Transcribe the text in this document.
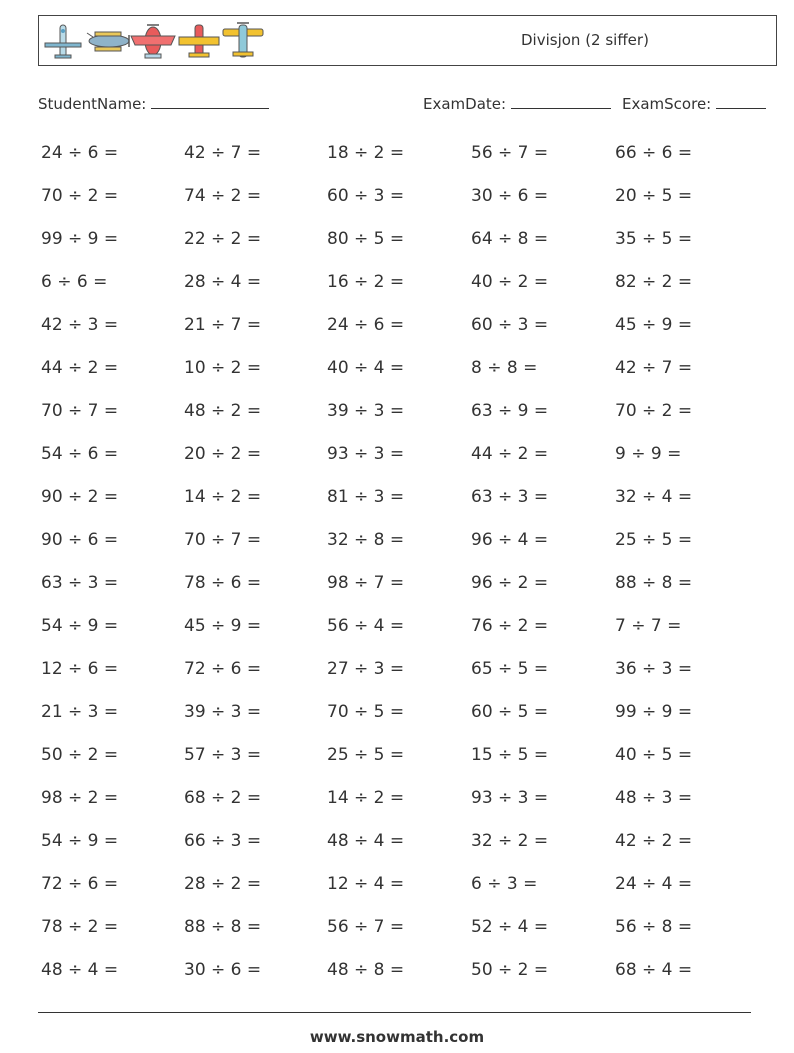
Divisjon (2 siffer)
StudentName:	ExamDate:	ExamScore:
24 ÷ 6 =	42 ÷ 7 =	18 ÷ 2 =	56 ÷ 7 =	66 ÷ 6 =
70 ÷ 2 =	74 ÷ 2 =	60 ÷ 3 =	30 ÷ 6 =	20 ÷ 5 =
99 ÷ 9 =	22 ÷ 2 =	80 ÷ 5 =	64 ÷ 8 =	35 ÷ 5 =
6 ÷ 6 =	28 ÷ 4 =	16 ÷ 2 =	40 ÷ 2 =	82 ÷ 2 =
42 ÷ 3 =	21 ÷ 7 =	24 ÷ 6 =	60 ÷ 3 =	45 ÷ 9 =
44 ÷ 2 =	10 ÷ 2 =	40 ÷ 4 =	8 ÷ 8 =	42 ÷ 7 =
70 ÷ 7 =	48 ÷ 2 =	39 ÷ 3 =	63 ÷ 9 =	70 ÷ 2 =
54 ÷ 6 =	20 ÷ 2 =	93 ÷ 3 =	44 ÷ 2 =	9 ÷ 9 =
90 ÷ 2 =	14 ÷ 2 =	81 ÷ 3 =	63 ÷ 3 =	32 ÷ 4 =
90 ÷ 6 =	70 ÷ 7 =	32 ÷ 8 =	96 ÷ 4 =	25 ÷ 5 =
63 ÷ 3 =	78 ÷ 6 =	98 ÷ 7 =	96 ÷ 2 =	88 ÷ 8 =
54 ÷ 9 =	45 ÷ 9 =	56 ÷ 4 =	76 ÷ 2 =	7 ÷ 7 =
12 ÷ 6 =	72 ÷ 6 =	27 ÷ 3 =	65 ÷ 5 =	36 ÷ 3 =
21 ÷ 3 =	39 ÷ 3 =	70 ÷ 5 =	60 ÷ 5 =	99 ÷ 9 =
50 ÷ 2 =	57 ÷ 3 =	25 ÷ 5 =	15 ÷ 5 =	40 ÷ 5 =
98 ÷ 2 =	68 ÷ 2 =	14 ÷ 2 =	93 ÷ 3 =	48 ÷ 3 =
54 ÷ 9 =	66 ÷ 3 =	48 ÷ 4 =	32 ÷ 2 =	42 ÷ 2 =
72 ÷ 6 =	28 ÷ 2 =	12 ÷ 4 =	6 ÷ 3 =	24 ÷ 4 =
78 ÷ 2 =	88 ÷ 8 =	56 ÷ 7 =	52 ÷ 4 =	56 ÷ 8 =
48 ÷ 4 =	30 ÷ 6 =	48 ÷ 8 =	50 ÷ 2 =	68 ÷ 4 =
www.snowmath.com
